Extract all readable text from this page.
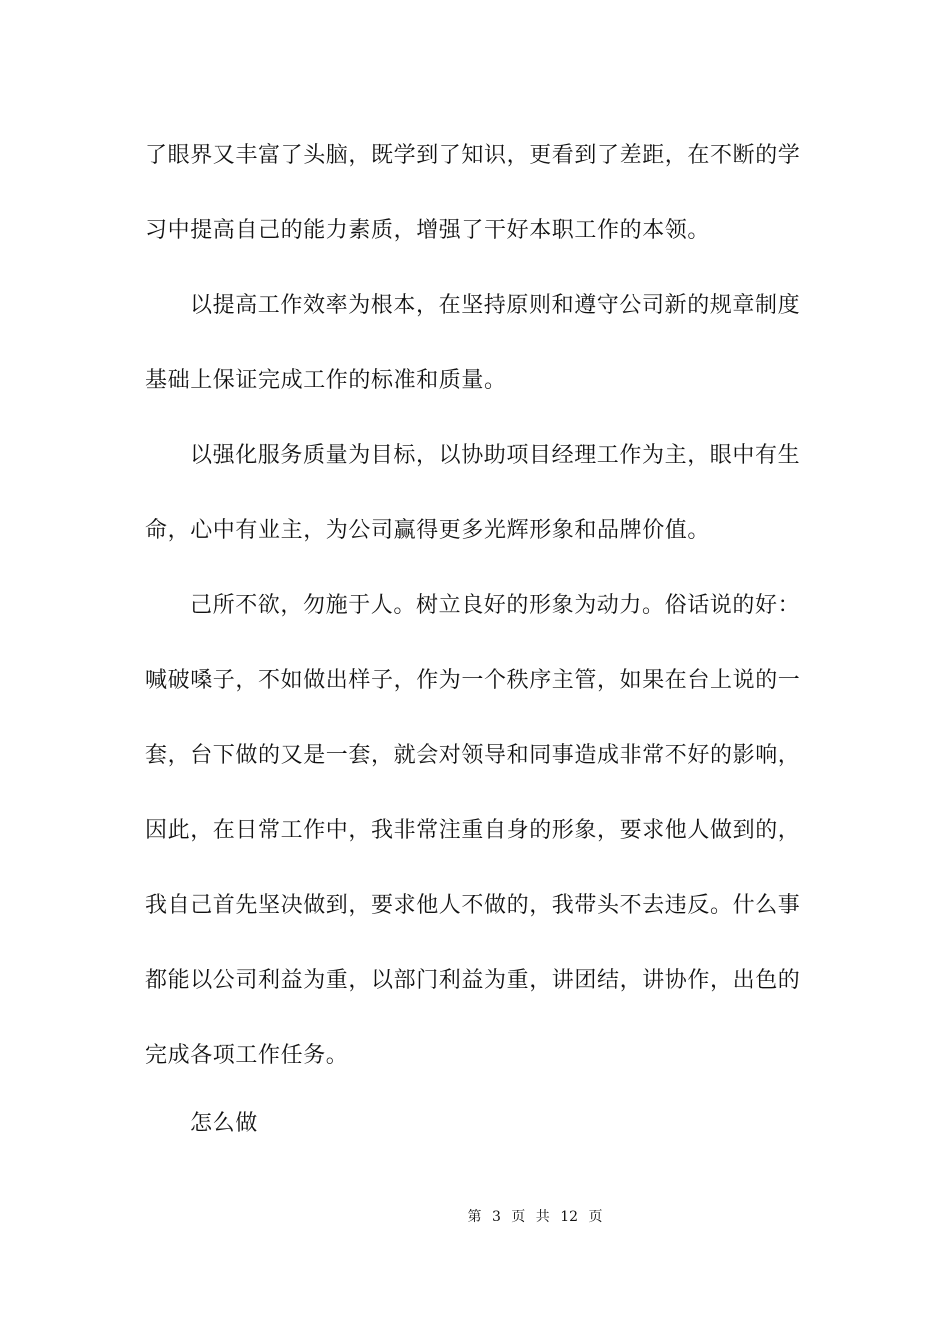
了眼界又丰富了头脑，既学到了知识，更看到了差距，在不断的学
习中提高自己的能力素质，增强了干好本职工作的本领。
以提高工作效率为根本，在坚持原则和遵守公司新的规章制度
基础上保证完成工作的标准和质量。
以强化服务质量为目标，以协助项目经理工作为主，眼中有生
命，心中有业主，为公司赢得更多光辉形象和品牌价值。
己所不欲，勿施于人。树立良好的形象为动力。俗话说的好：
喊破嗓子，不如做出样子，作为一个秩序主管，如果在台上说的一
套，台下做的又是一套，就会对领导和同事造成非常不好的影响，
因此，在日常工作中，我非常注重自身的形象，要求他人做到的，
我自己首先坚决做到，要求他人不做的，我带头不去违反。什么事
都能以公司利益为重，以部门利益为重，讲团结，讲协作，出色的
完成各项工作任务。
怎么做
第 3 页 共 12 页
